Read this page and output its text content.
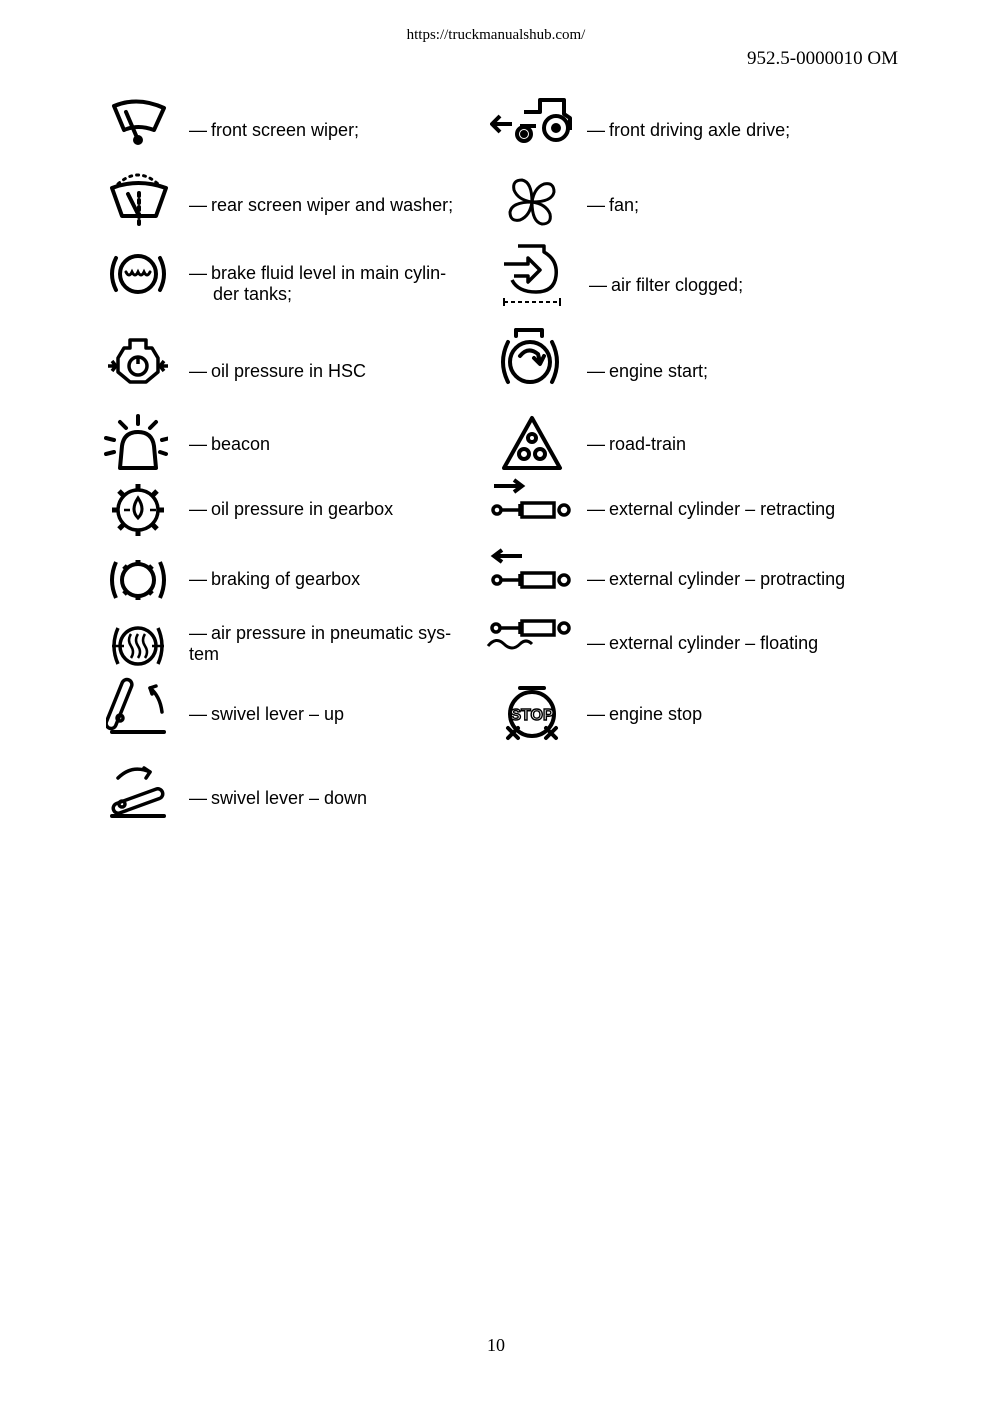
https://truckmanualshub.com/
952.5-0000010 OM
— front screen wiper;
— rear screen wiper and washer;
— brake fluid level in main cylin-
der tanks;
— oil pressure in HSC
— beacon
— oil pressure in gearbox
— braking of gearbox
— air pressure in pneumatic sys-
tem
— swivel lever – up
— swivel lever – down
— front driving axle drive;
— fan;
— air filter clogged;
— engine start;
— road-train
— external cylinder – retracting
— external cylinder – protracting
— external cylinder – floating
STOP — engine stop
10
